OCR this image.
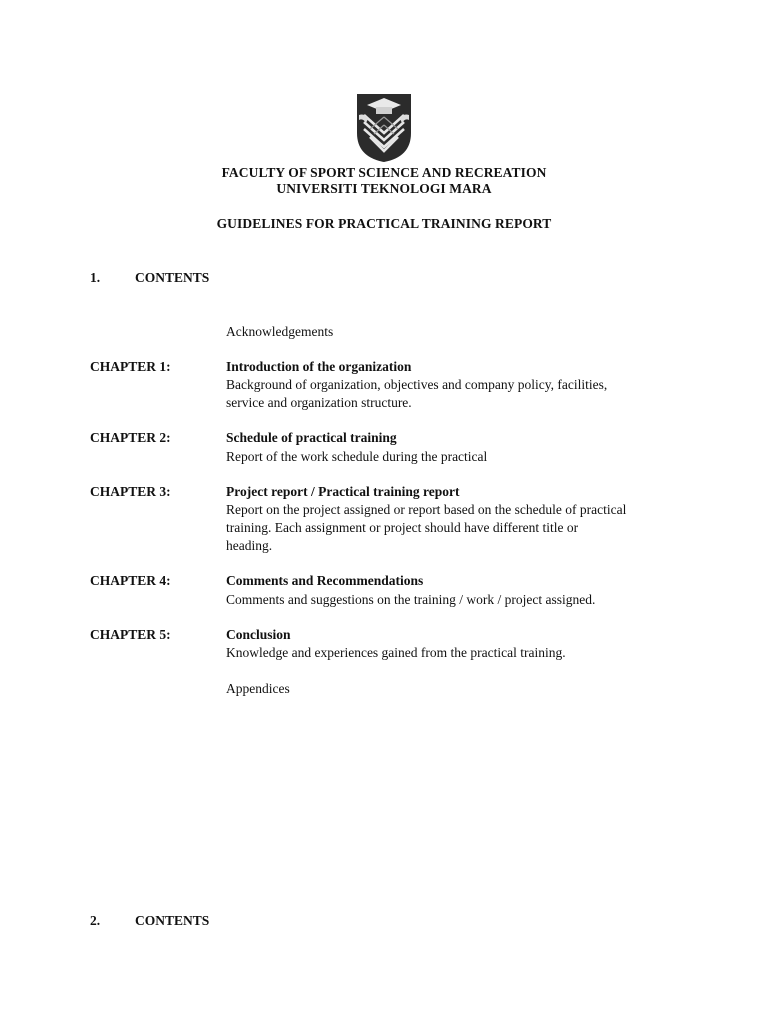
FACULTY OF SPORT SCIENCE AND RECREATION
UNIVERSITI TEKNOLOGI MARA
GUIDELINES FOR PRACTICAL TRAINING REPORT
1.	CONTENTS
Acknowledgements
CHAPTER 1:	Introduction of the organization
Background of organization, objectives and company policy, facilities,
service and organization structure.
CHAPTER 2:	Schedule of practical training
Report of the work schedule during the practical
CHAPTER 3:	Project report / Practical training report
Report on the project assigned or report based on the schedule of practical
training. Each assignment or project should have different title or
heading.
CHAPTER 4:	Comments and Recommendations
Comments and suggestions on the training / work / project assigned.
CHAPTER 5:	Conclusion
Knowledge and experiences gained from the practical training.
Appendices
2.	CONTENTS
